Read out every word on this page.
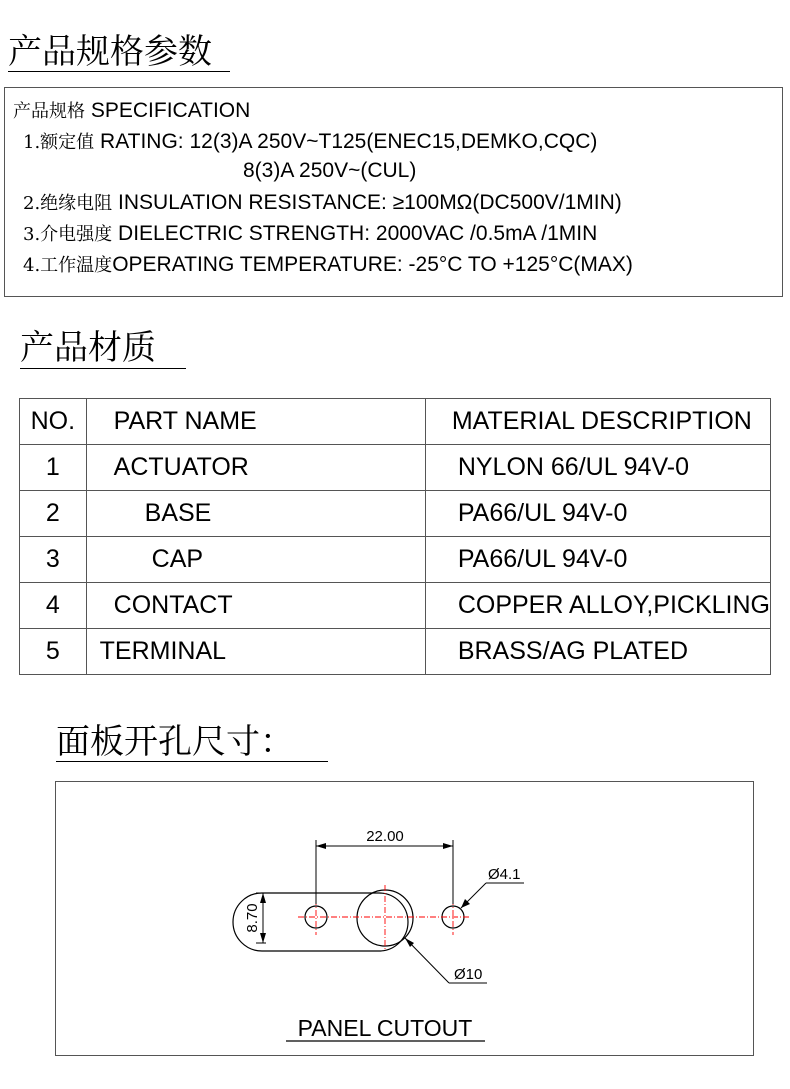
产品规格参数
产品规格 SPECIFICATION
1.额定值 RATING: 12(3)A 250V~T125(ENEC15,DEMKO,CQC)
8(3)A 250V~(CUL)
2.绝缘电阻 INSULATION RESISTANCE: ≥100MΩ(DC500V/1MIN)
3.介电强度 DIELECTRIC STRENGTH: 2000VAC /0.5mA /1MIN
4.工作温度OPERATING TEMPERATURE: -25°C TO +125°C(MAX)
产品材质
NO.	PART NAME	MATERIAL DESCRIPTION
1	ACTUATOR	NYLON 66/UL 94V-0
2	BASE	PA66/UL 94V-0
3	CAP	PA66/UL 94V-0
4	CONTACT	COPPER ALLOY,PICKLING
5	TERMINAL	BRASS/AG PLATED
面板开孔尺寸：
22.00
8.70
Ø4.1
Ø10
PANEL CUTOUT
